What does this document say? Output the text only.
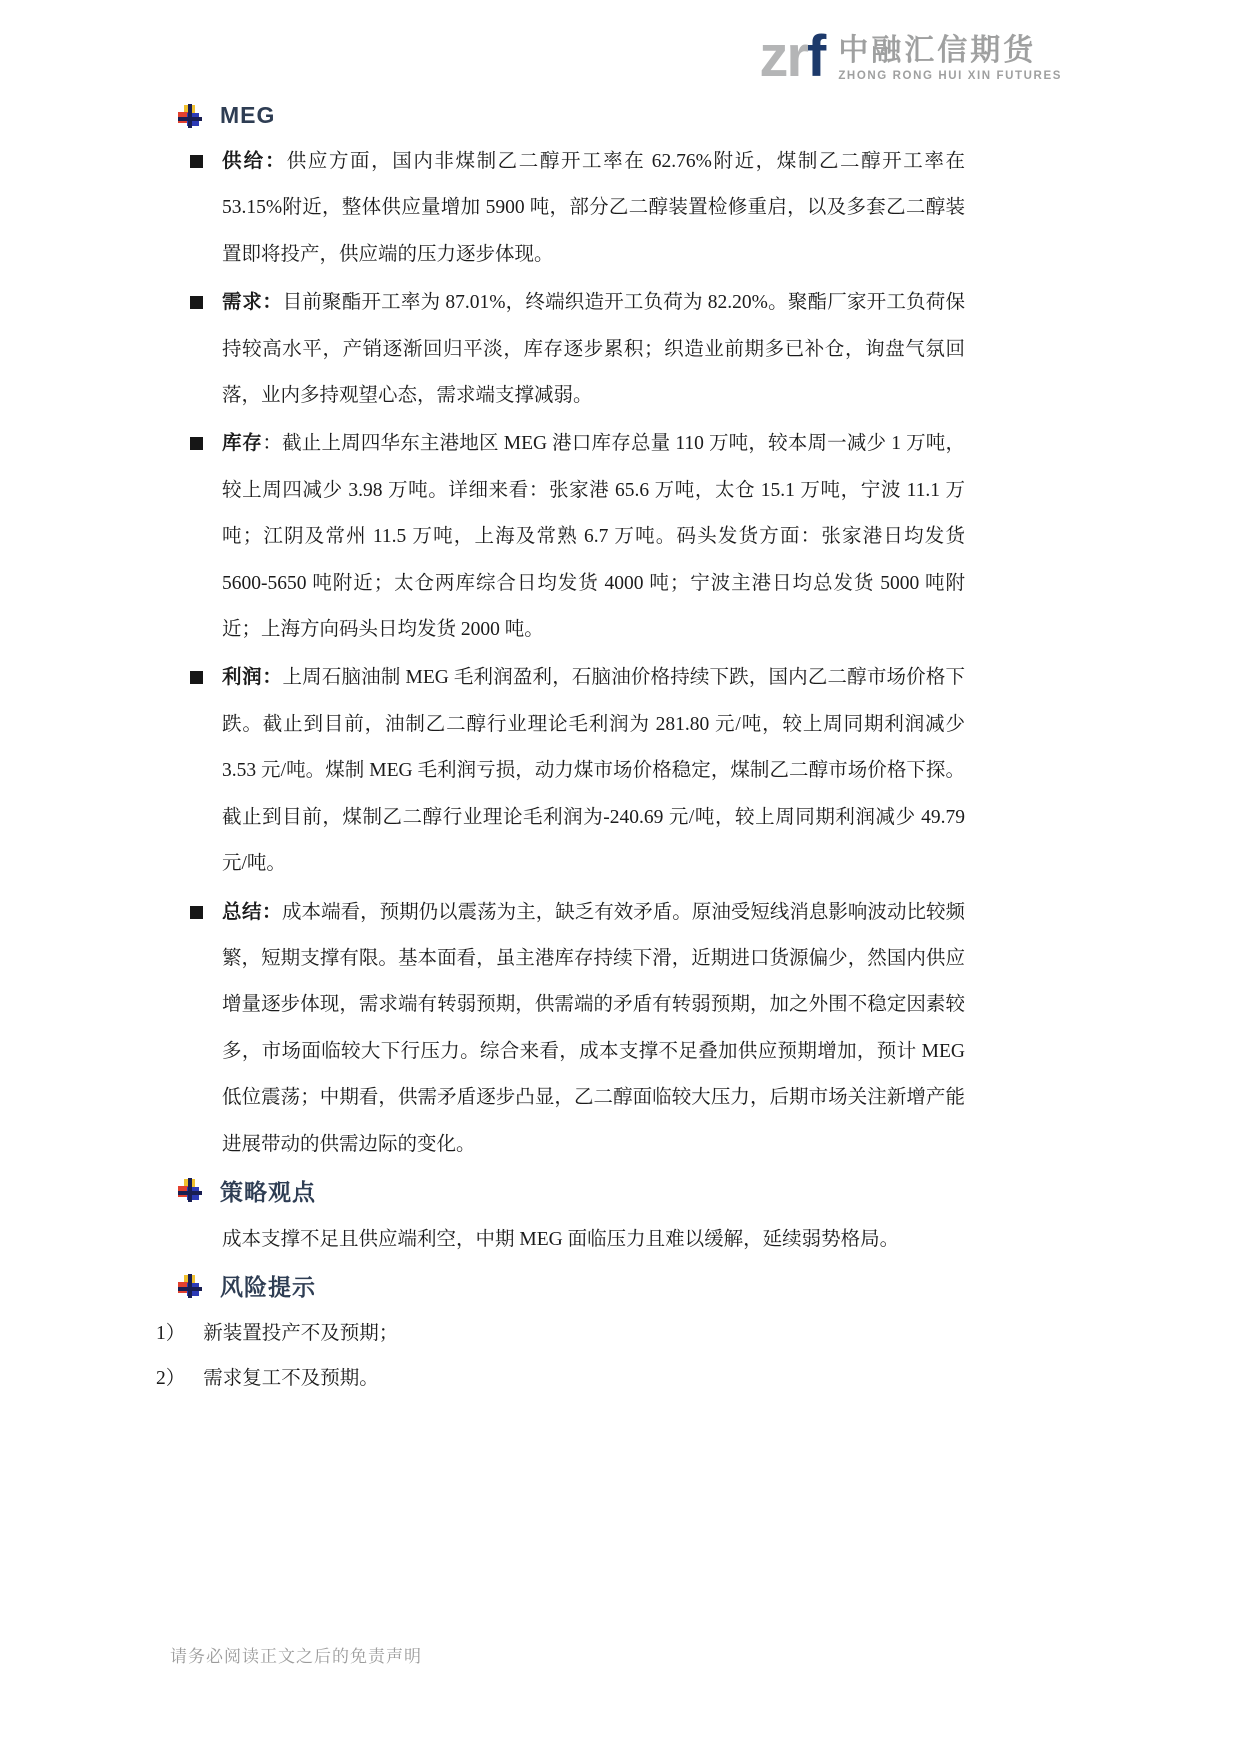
zrf 中融汇信期货
ZHONG RONG HUI XIN FUTURES
MEG
供给：供应方面，国内非煤制乙二醇开工率在 62.76%附近，煤制乙二醇开工率在 53.15%附近，整体供应量增加 5900 吨，部分乙二醇装置检修重启，以及多套乙二醇装置即将投产，供应端的压力逐步体现。
需求：目前聚酯开工率为 87.01%，终端织造开工负荷为 82.20%。聚酯厂家开工负荷保持较高水平，产销逐渐回归平淡，库存逐步累积；织造业前期多已补仓，询盘气氛回落，业内多持观望心态，需求端支撑减弱。
库存：截止上周四华东主港地区 MEG 港口库存总量 110 万吨，较本周一减少 1 万吨，较上周四减少 3.98 万吨。详细来看：张家港 65.6 万吨，太仓 15.1 万吨，宁波 11.1 万吨；江阴及常州 11.5 万吨，上海及常熟 6.7 万吨。码头发货方面：张家港日均发货 5600-5650 吨附近；太仓两库综合日均发货 4000 吨；宁波主港日均总发货 5000 吨附近；上海方向码头日均发货 2000 吨。
利润：上周石脑油制 MEG 毛利润盈利，石脑油价格持续下跌，国内乙二醇市场价格下跌。截止到目前，油制乙二醇行业理论毛利润为 281.80 元/吨，较上周同期利润减少 3.53 元/吨。煤制 MEG 毛利润亏损，动力煤市场价格稳定，煤制乙二醇市场价格下探。截止到目前，煤制乙二醇行业理论毛利润为-240.69 元/吨，较上周同期利润减少 49.79 元/吨。
总结：成本端看，预期仍以震荡为主，缺乏有效矛盾。原油受短线消息影响波动比较频繁，短期支撑有限。基本面看，虽主港库存持续下滑，近期进口货源偏少，然国内供应增量逐步体现，需求端有转弱预期，供需端的矛盾有转弱预期，加之外围不稳定因素较多，市场面临较大下行压力。综合来看，成本支撑不足叠加供应预期增加，预计 MEG 低位震荡；中期看，供需矛盾逐步凸显，乙二醇面临较大压力，后期市场关注新增产能进展带动的供需边际的变化。
策略观点
成本支撑不足且供应端利空，中期 MEG 面临压力且难以缓解，延续弱势格局。
风险提示
1） 新装置投产不及预期；
2） 需求复工不及预期。
请务必阅读正文之后的免责声明
